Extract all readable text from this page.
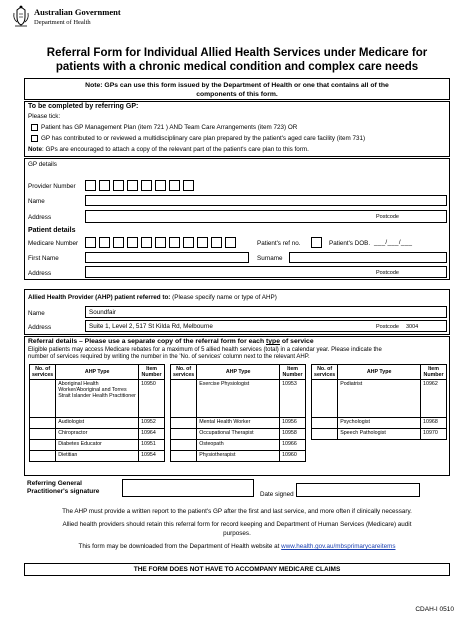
Australian Government
Department of Health
Referral Form for Individual Allied Health Services under Medicare for
patients with a chronic medical condition and complex care needs
Note: GPs can use this form issued by the Department of Health or one that contains all of the
components of this form.
To be completed by referring GP:
Please tick:
Patient has GP Management Plan (item 721 ) AND Team Care Arrangements (item 723) OR
GP has contributed to or reviewed a multidisciplinary care plan prepared by the patient's aged care facility (item 731)
Note: GPs are encouraged to attach a copy of the relevant part of the patient's care plan to this form.
GP details
Provider Number
Name
Address	Postcode
Patient details
Medicare Number	Patient's ref no.	Patient's DOB. ___/___/___
First Name	Surname
Address	Postcode
Allied Health Provider (AHP) patient referred to: (Please specify name or type of AHP)
Name	Soundfair
Address	Suite 1, Level 2, 517 St Kilda Rd, Melbourne	Postcode 3004
Referral details – Please use a separate copy of the referral form for each type of service
Eligible patients may access Medicare rebates for a maximum of 5 allied health services (total) in a calendar year. Please indicate the
number of services required by writing the number in the 'No. of services' column next to the relevant AHP.
No. of services	AHP Type	Item Number
	Aboriginal Health Worker/Aboriginal and Torres Strait Islander Health Practitioner	10950
	Audiologist	10952
	Chiropractor	10964
	Diabetes Educator	10951
	Dietitian	10954
No. of services	AHP Type	Item Number
	Exercise Physiologist	10953
	Mental Health Worker	10956
	Occupational Therapist	10958
	Osteopath	10966
	Physiotherapist	10960
No. of services	AHP Type	Item Number
	Podiatrist	10962
	Psychologist	10968
	Speech Pathologist	10970
Referring General
Practitioner's signature	Date signed
The AHP must provide a written report to the patient's GP after the first and last service, and more often if clinically necessary.
Allied health providers should retain this referral form for record keeping and Department of Human Services (Medicare) audit
purposes.
This form may be downloaded from the Department of Health website at www.health.gov.au/mbsprimarycareitems
THE FORM DOES NOT HAVE TO ACCOMPANY MEDICARE CLAIMS
CDAH-I 0510
